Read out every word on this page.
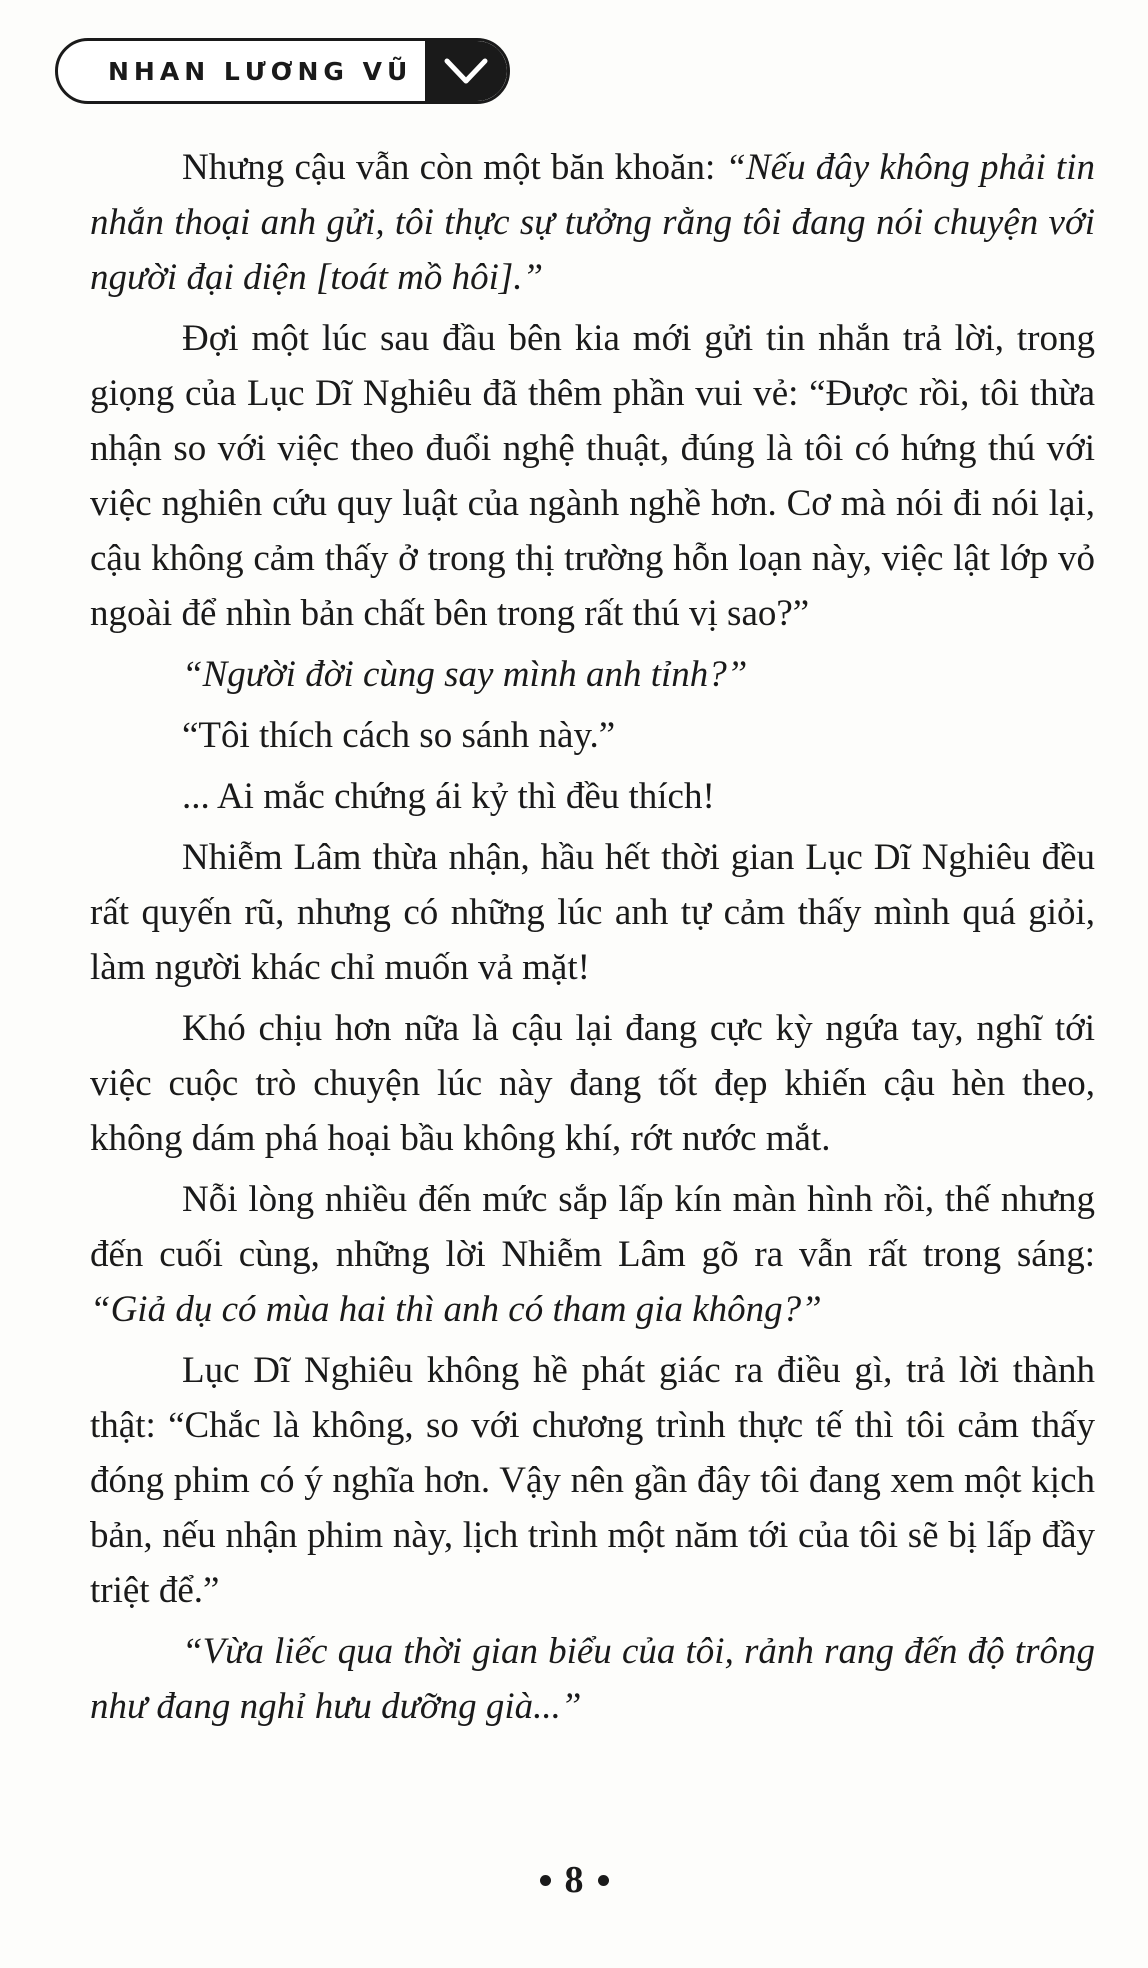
NHAN LƯƠNG VŨ

Nhưng cậu vẫn còn một băn khoăn: “Nếu đây không phải tin nhắn thoại anh gửi, tôi thực sự tưởng rằng tôi đang nói chuyện với người đại diện [toát mồ hôi].”

Đợi một lúc sau đầu bên kia mới gửi tin nhắn trả lời, trong giọng của Lục Dĩ Nghiêu đã thêm phần vui vẻ: “Được rồi, tôi thừa nhận so với việc theo đuổi nghệ thuật, đúng là tôi có hứng thú với việc nghiên cứu quy luật của ngành nghề hơn. Cơ mà nói đi nói lại, cậu không cảm thấy ở trong thị trường hỗn loạn này, việc lật lớp vỏ ngoài để nhìn bản chất bên trong rất thú vị sao?”

“Người đời cùng say mình anh tỉnh?”

“Tôi thích cách so sánh này.”

... Ai mắc chứng ái kỷ thì đều thích!

Nhiễm Lâm thừa nhận, hầu hết thời gian Lục Dĩ Nghiêu đều rất quyến rũ, nhưng có những lúc anh tự cảm thấy mình quá giỏi, làm người khác chỉ muốn vả mặt!

Khó chịu hơn nữa là cậu lại đang cực kỳ ngứa tay, nghĩ tới việc cuộc trò chuyện lúc này đang tốt đẹp khiến cậu hèn theo, không dám phá hoại bầu không khí, rớt nước mắt.

Nỗi lòng nhiều đến mức sắp lấp kín màn hình rồi, thế nhưng đến cuối cùng, những lời Nhiễm Lâm gõ ra vẫn rất trong sáng: “Giả dụ có mùa hai thì anh có tham gia không?”

Lục Dĩ Nghiêu không hề phát giác ra điều gì, trả lời thành thật: “Chắc là không, so với chương trình thực tế thì tôi cảm thấy đóng phim có ý nghĩa hơn. Vậy nên gần đây tôi đang xem một kịch bản, nếu nhận phim này, lịch trình một năm tới của tôi sẽ bị lấp đầy triệt để.”

“Vừa liếc qua thời gian biểu của tôi, rảnh rang đến độ trông như đang nghỉ hưu dưỡng già...”

8
